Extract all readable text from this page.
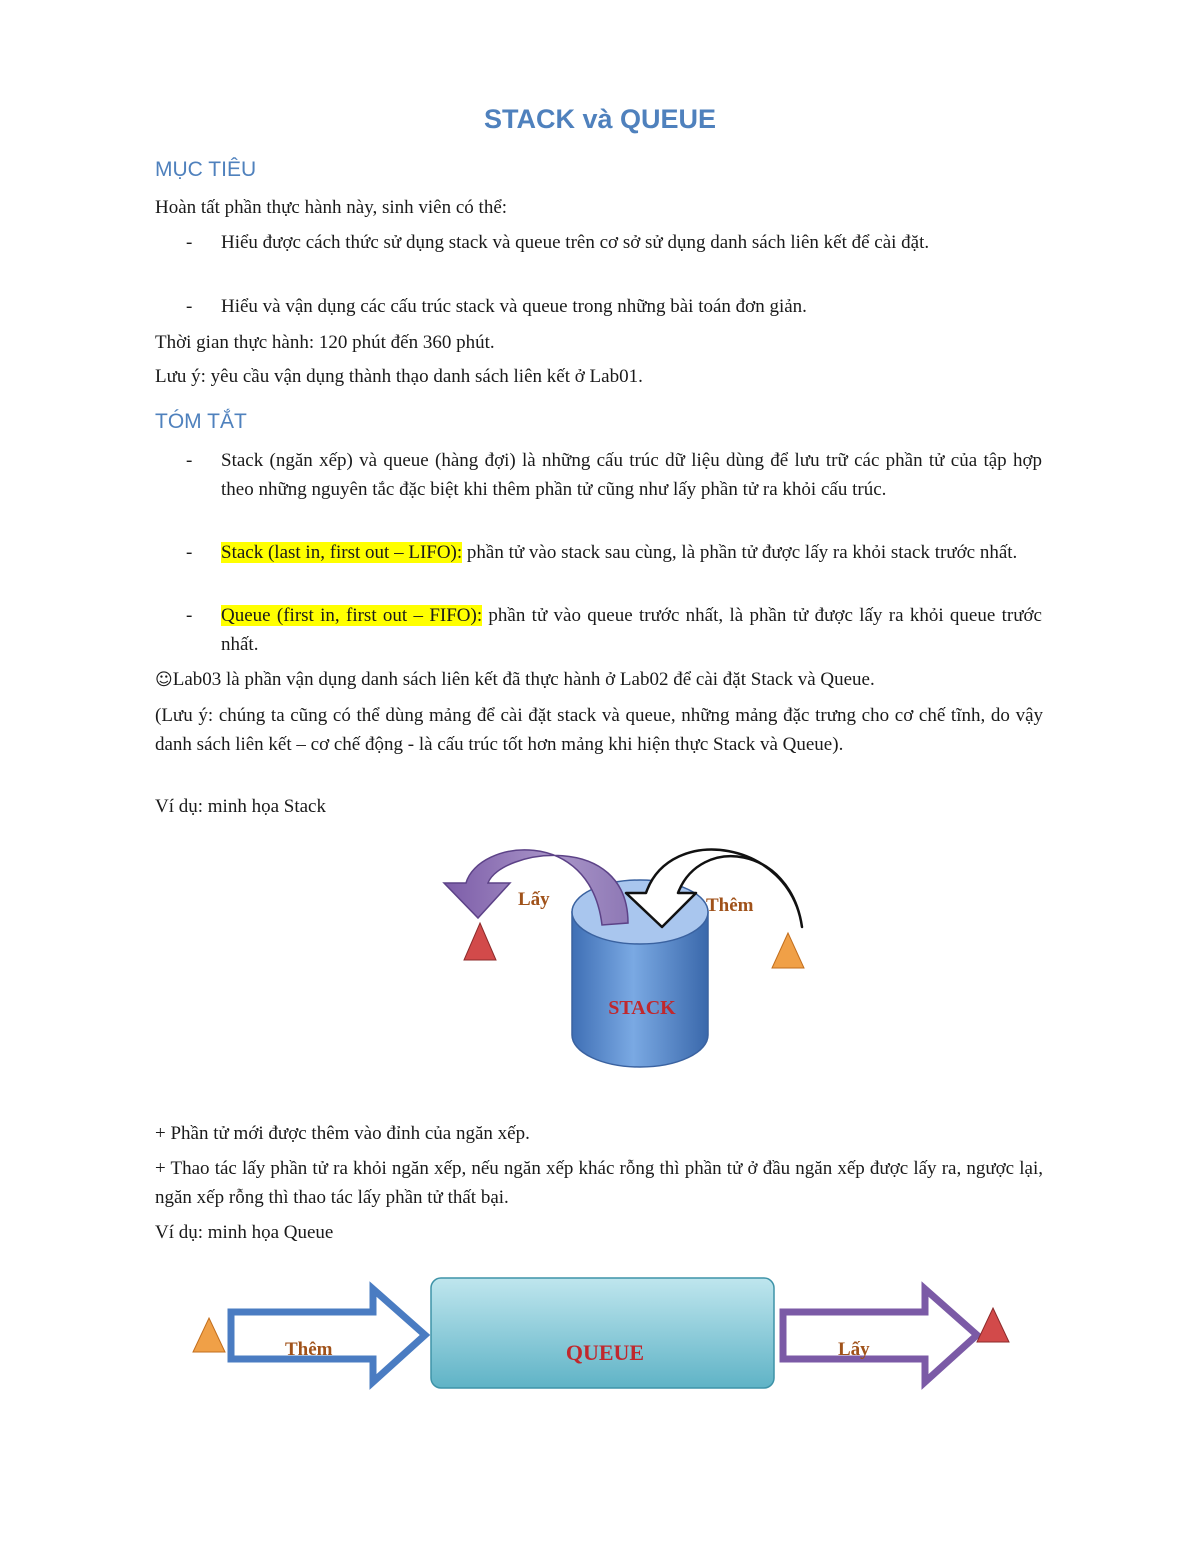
STACK và QUEUE
MỤC TIÊU

Hoàn tất phần thực hành này, sinh viên có thể:

- Hiểu được cách thức sử dụng stack và queue trên cơ sở sử dụng danh sách liên kết để cài đặt.
- Hiểu và vận dụng các cấu trúc stack và queue trong những bài toán đơn giản.

Thời gian thực hành: 120 phút đến 360 phút.

Lưu ý: yêu cầu vận dụng thành thạo danh sách liên kết ở Lab01.

TÓM TẮT
- Stack (ngăn xếp) và queue (hàng đợi) là những cấu trúc dữ liệu dùng để lưu trữ các phần tử của tập hợp theo những nguyên tắc đặc biệt khi thêm phần tử cũng như lấy phần tử ra khỏi cấu trúc.
- Stack (last in, first out – LIFO): phần tử vào stack sau cùng, là phần tử được lấy ra khỏi stack trước nhất.
- Queue (first in, first out – FIFO): phần tử vào queue trước nhất, là phần tử được lấy ra khỏi queue trước nhất.

☺Lab03 là phần vận dụng danh sách liên kết đã thực hành ở Lab02 để cài đặt Stack và Queue.

(Lưu ý: chúng ta cũng có thể dùng mảng để cài đặt stack và queue, những mảng đặc trưng cho cơ chế tĩnh, do vậy danh sách liên kết – cơ chế động - là cấu trúc tốt hơn mảng khi hiện thực Stack và Queue).

Ví dụ: minh họa Stack

Lấy	Thêm
STACK

+ Phần tử mới được thêm vào đỉnh của ngăn xếp.

+ Thao tác lấy phần tử ra khỏi ngăn xếp, nếu ngăn xếp khác rỗng thì phần tử ở đầu ngăn xếp được lấy ra, ngược lại, ngăn xếp rỗng thì thao tác lấy phần tử thất bại.

Ví dụ: minh họa Queue

Thêm	QUEUE	Lấy
